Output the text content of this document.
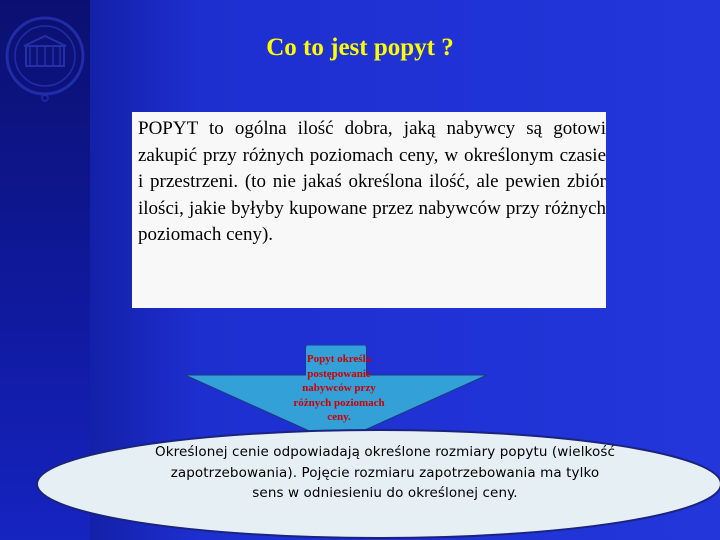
Co to jest popyt ?

POPYT to ogólna ilość dobra, jaką nabywcy są gotowi zakupić przy różnych poziomach ceny, w określonym czasie i przestrzeni. (to nie jakaś określona ilość, ale pewien zbiór ilości, jakie byłyby kupowane przez nabywców przy różnych poziomach ceny).

Popyt określa postępowanie nabywców przy różnych poziomach ceny.
Określonej cenie odpowiadają określone rozmiary popytu (wielkość zapotrzebowania). Pojęcie rozmiaru zapotrzebowania ma tylko sens w odniesieniu do określonej ceny.
